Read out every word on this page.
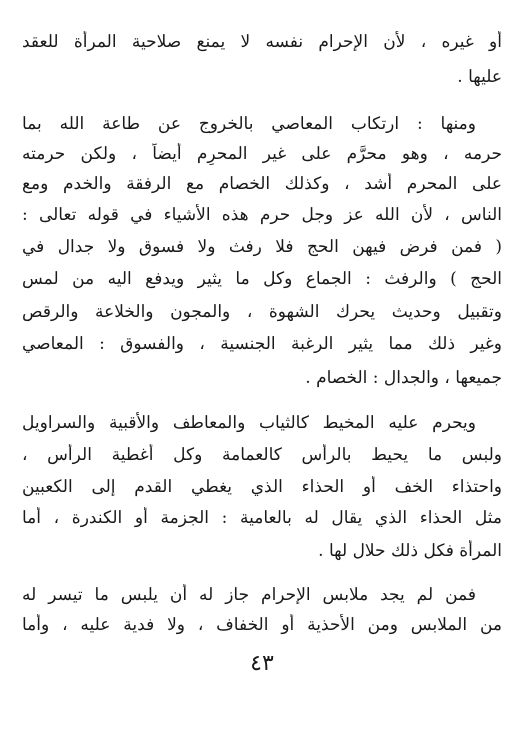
أو غيره ، لأن الإحرام نفسه لا يمنع صلاحية المرأة للعقد
عليها .
ومنها : ارتكاب المعاصي بالخروج عن طاعة الله بما
حرمه ، وهو محرَّم على غير المحرِم أيضاً ، ولكن حرمته
على المحرم أشد ، وكذلك الخصام مع الرفقة والخدم ومع
الناس ، لأن الله عز وجل حرم هذه الأشياء في قوله تعالى :
( فمن فرض فيهن الحج فلا رفث ولا فسوق ولا جدال في
الحج ) والرفث : الجماع وكل ما يثير ويدفع اليه من لمس
وتقبيل وحديث يحرك الشهوة ، والمجون والخلاعة والرقص
وغير ذلك مما يثير الرغبة الجنسية ، والفسوق : المعاصي
جميعها ، والجدال : الخصام .
ويحرم عليه المخيط كالثياب والمعاطف والأقبية والسراويل
ولبس ما يحيط بالرأس كالعمامة وكل أغطية الرأس ،
واحتذاء الخف أو الحذاء الذي يغطي القدم إلى الكعبين
مثل الحذاء الذي يقال له بالعامية : الجزمة أو الكندرة ، أما
المرأة فكل ذلك حلال لها .
فمن لم يجد ملابس الإحرام جاز له أن يلبس ما تيسر له
من الملابس ومن الأحذية أو الخفاف ، ولا فدية عليه ، وأما
٤٣
